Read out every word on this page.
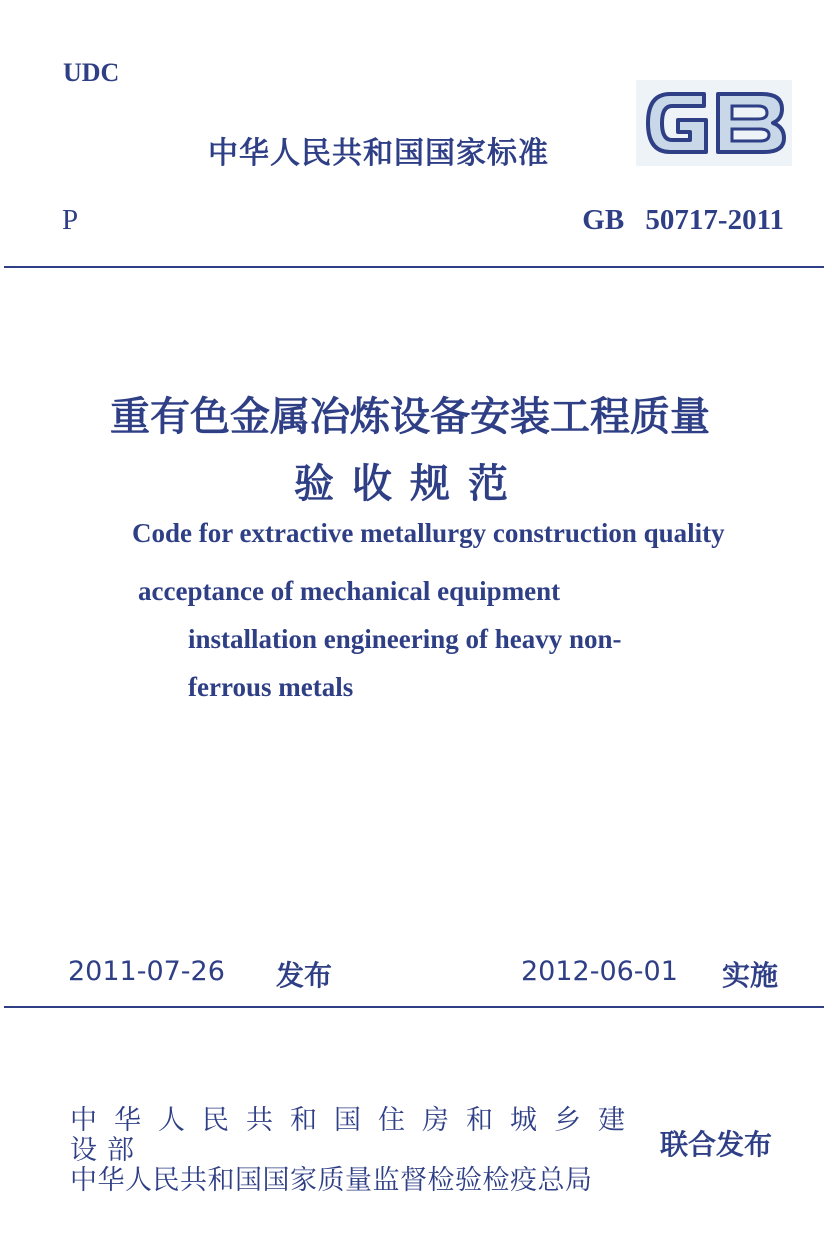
UDC

中华人民共和国国家标准

P	GB 50717-2011

重有色金属冶炼设备安装工程质量

验收规范

Code for extractive metallurgy construction quality

acceptance of mechanical equipment

installation engineering of heavy non-

ferrous metals

2011-07-26 发布	2012-06-01 实施

中华人民共和国住房和城乡建

设部

中华人民共和国国家质量监督检验检疫总局

联合发布
